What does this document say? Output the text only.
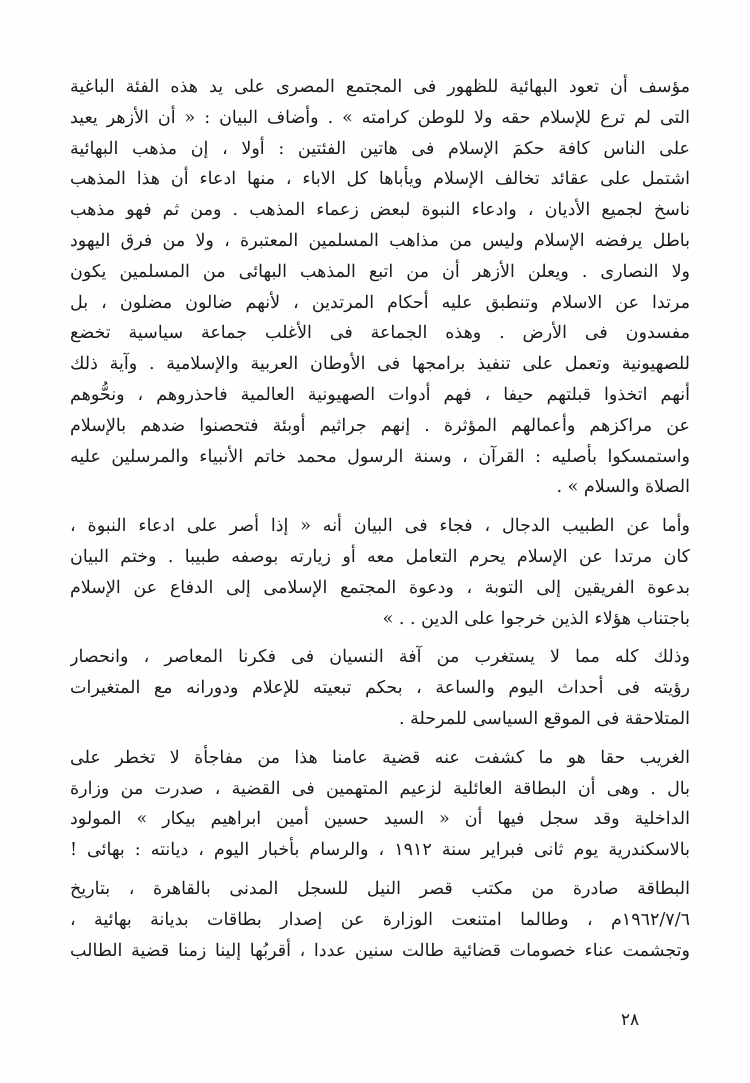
مؤسف أن تعود البهائية للظهور فى المجتمع المصرى على يد هذه الفئة الباغية
التى لم ترع للإسلام حقه ولا للوطن كرامته » . وأضاف البيان : « أن الأزهر يعيد
على الناس كافة حكمَ الإسلام فى هاتين الفئتين : أولا ، إن مذهب البهائية
اشتمل على عقائد تخالف الإسلام ويأباها كل الاباء ، منها ادعاء أن هذا المذهب
ناسخ لجميع الأديان ، وادعاء النبوة لبعض زعماء المذهب . ومن ثم فهو مذهب
باطل يرفضه الإسلام وليس من مذاهب المسلمين المعتبرة ، ولا من فرق اليهود
ولا النصارى . ويعلن الأزهر أن من اتبع المذهب البهائى من المسلمين يكون
مرتدا عن الاسلام وتنطبق عليه أحكام المرتدين ، لأنهم ضالون مضلون ، بل
مفسدون فى الأرض . وهذه الجماعة فى الأغلب جماعة سياسية تخضع
للصهيونية وتعمل على تنفيذ برامجها فى الأوطان العربية والإسلامية . وآية ذلك
أنهم اتخذوا قبلتهم حيفا ، فهم أدوات الصهيونية العالمية فاحذروهم ، ونحُّوهم
عن مراكزهم وأعمالهم المؤثرة . إنهم جراثيم أوبئة فتحصنوا ضدهم بالإسلام
واستمسكوا بأصليه : القرآن ، وسنة الرسول محمد خاتم الأنبياء والمرسلين عليه
الصلاة والسلام » .
وأما عن الطبيب الدجال ، فجاء فى البيان أنه « إذا أصر على ادعاء النبوة ،
كان مرتدا عن الإسلام يحرم التعامل معه أو زيارته بوصفه طبيبا . وختم البيان
بدعوة الفريقين إلى التوبة ، ودعوة المجتمع الإسلامى إلى الدفاع عن الإسلام
باجتناب هؤلاء الذين خرجوا على الدين . . »
وذلك كله مما لا يستغرب من آفة النسيان فى فكرنا المعاصر ، وانحصار
رؤيته فى أحداث اليوم والساعة ، بحكم تبعيته للإعلام ودورانه مع المتغيرات
المتلاحقة فى الموقع السياسى للمرحلة .
الغريب حقا هو ما كشفت عنه قضية عامنا هذا من مفاجأة لا تخطر على
بال . وهى أن البطاقة العائلية لزعيم المتهمين فى القضية ، صدرت من وزارة
الداخلية وقد سجل فيها أن « السيد حسين أمين ابراهيم بيكار » المولود
بالاسكندرية يوم ثانى فبراير سنة ١٩١٢ ، والرسام بأخبار اليوم ، ديانته : بهائى !
البطاقة صادرة من مكتب قصر النيل للسجل المدنى بالقاهرة ، بتاريخ
١٩٦٢/٧/٦م ، وطالما امتنعت الوزارة عن إصدار بطاقات بديانة بهائية ،
وتجشمت عناء خصومات قضائية طالت سنين عددا ، أقربُها إلينا زمنا قضية الطالب
٢٨
